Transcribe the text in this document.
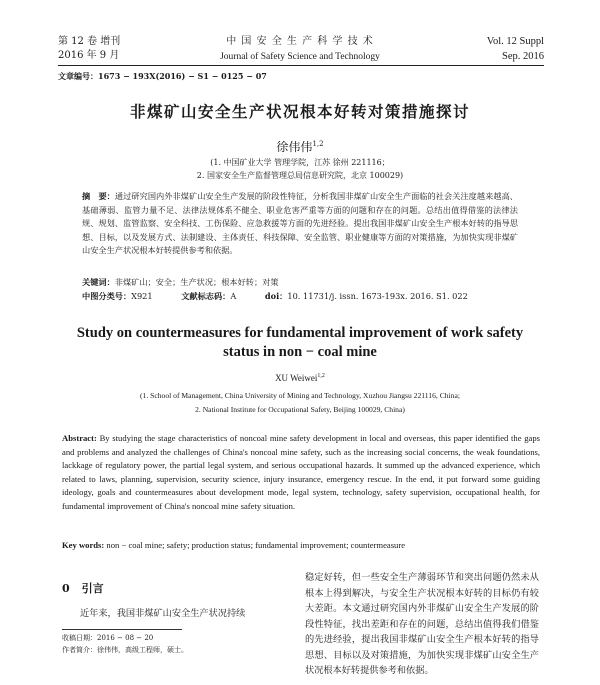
第 12 卷 增刊
2016 年 9 月
中 国 安 全 生 产 科 学 技 术
Journal of Safety Science and Technology
Vol. 12 Suppl
Sep. 2016
文章编号：1673 − 193X(2016) − S1 − 0125 − 07
非煤矿山安全生产状况根本好转对策措施探讨
徐伟伟$^{1,2}$
(1. 中国矿业大学 管理学院，江苏 徐州 221116；
2. 国家安全生产监督管理总局信息研究院，北京 100029)
摘　要：通过研究国内外非煤矿山安全生产发展的阶段性特征，分析我国非煤矿山安全生产面临的社会关注度越来越高、基础薄弱、监管力量不足、法律法规体系不健全、职业危害严重等方面的问题和存在的问题。总结出值得借鉴的法律法规、规划、监管监察、安全科技、工伤保险、应急救援等方面的先进经验。提出我国非煤矿山安全生产根本好转的指导思想、目标，以及发展方式、法制建设、主体责任、科技保障、安全监管、职业健康等方面的对策措施，为加快实现非煤矿山安全生产状况根本好转提供参考和依据。
关键词：非煤矿山；安全；生产状况；根本好转；对策
中图分类号：X921	文献标志码：A	doi：10. 11731/j. issn. 1673-193x. 2016. S1. 022
Study on countermeasures for fundamental improvement of work safety
status in non − coal mine
XU Weiwei$^{1,2}$
(1. School of Management, China University of Mining and Technology, Xuzhou Jiangsu 221116, China;
2. National Institute for Occupational Safety, Beijing 100029, China)
Abstract: By studying the stage characteristics of noncoal mine safety development in local and overseas, this paper identified the gaps and problems and analyzed the challenges of China's noncoal mine safety, such as the increasing social concerns, the weak foundations, lackkage of regulatory power, the partial legal system, and serious occupational hazards. It summed up the advanced experience, which related to laws, planning, supervision, security science, injury insurance, emergency rescue. In the end, it put forward some guiding ideology, goals and countermeasures about development mode, legal system, technology, safety supervision, occupational health, for fundamental improvement of China's noncoal mine safety situation.
Key words: non − coal mine; safety; production status; fundamental improvement; countermeasure
0 引言
近年来，我国非煤矿山安全生产状况持续
收稿日期：2016 − 08 − 20
作者简介：徐伟伟，高级工程师，硕士。
稳定好转，但一些安全生产薄弱环节和突出问题仍然未从根本上得到解决，与安全生产状况根本好转的目标仍有较大差距。本文通过研究国内外非煤矿山安全生产发展的阶段性特征，找出差距和存在的问题，总结出值得我们借鉴的先进经验，提出我国非煤矿山安全生产根本好转的指导思想、目标以及对策措施，为加快实现非煤矿山安全生产状况根本好转提供参考和依据。
